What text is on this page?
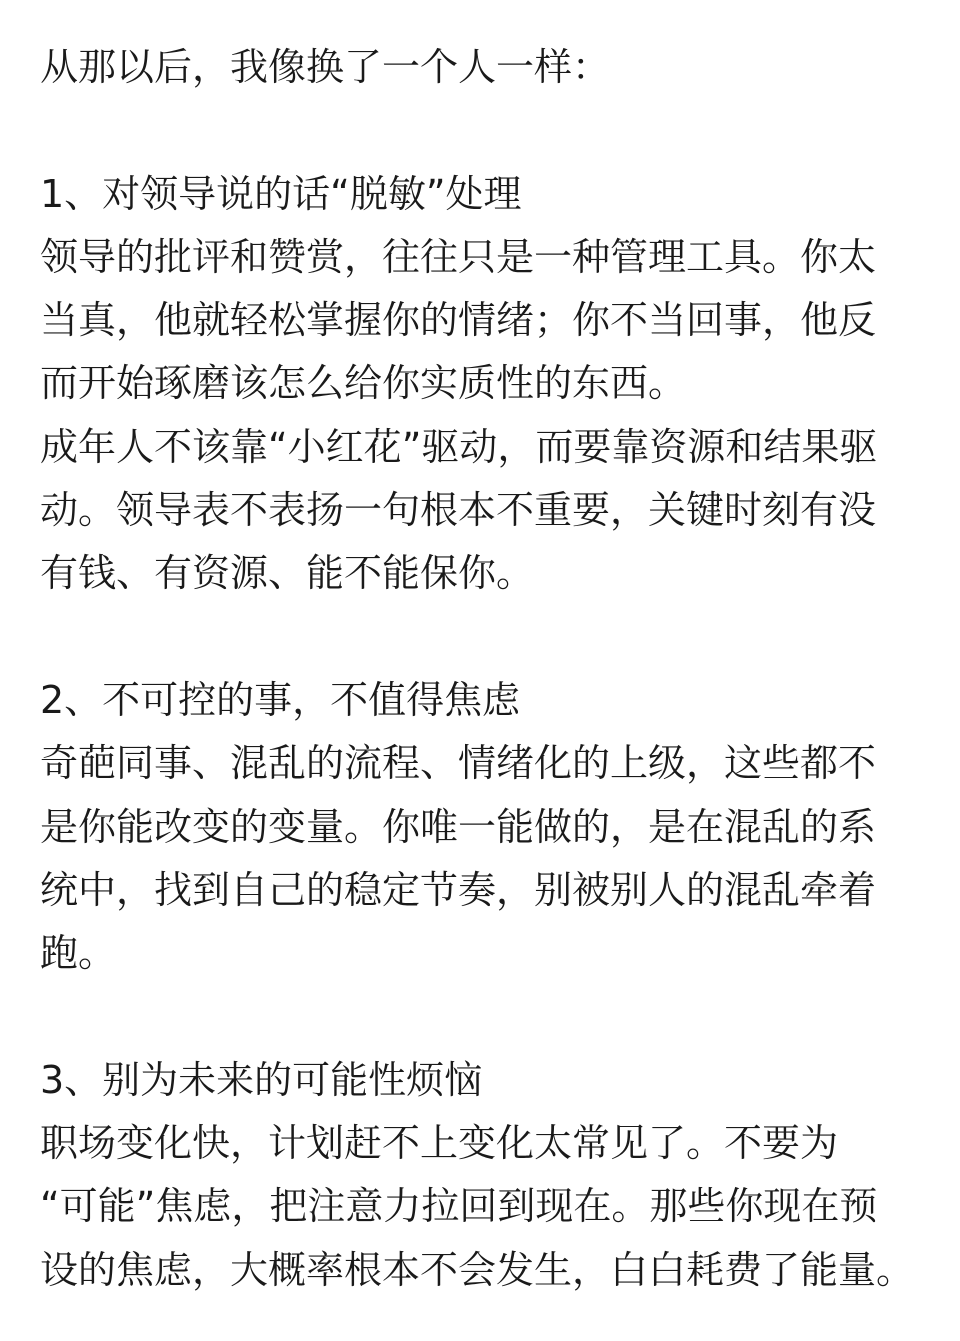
从那以后，我像换了一个人一样：
1、对领导说的话“脱敏”处理
领导的批评和赞赏，往往只是一种管理工具。你太
当真，他就轻松掌握你的情绪；你不当回事，他反
而开始琢磨该怎么给你实质性的东西。
成年人不该靠“小红花”驱动，而要靠资源和结果驱
动。领导表不表扬一句根本不重要，关键时刻有没
有钱、有资源、能不能保你。
2、不可控的事，不值得焦虑
奇葩同事、混乱的流程、情绪化的上级，这些都不
是你能改变的变量。你唯一能做的，是在混乱的系
统中，找到自己的稳定节奏，别被别人的混乱牵着
跑。
3、别为未来的可能性烦恼
职场变化快，计划赶不上变化太常见了。不要为
“可能”焦虑，把注意力拉回到现在。那些你现在预
设的焦虑，大概率根本不会发生，白白耗费了能量。
